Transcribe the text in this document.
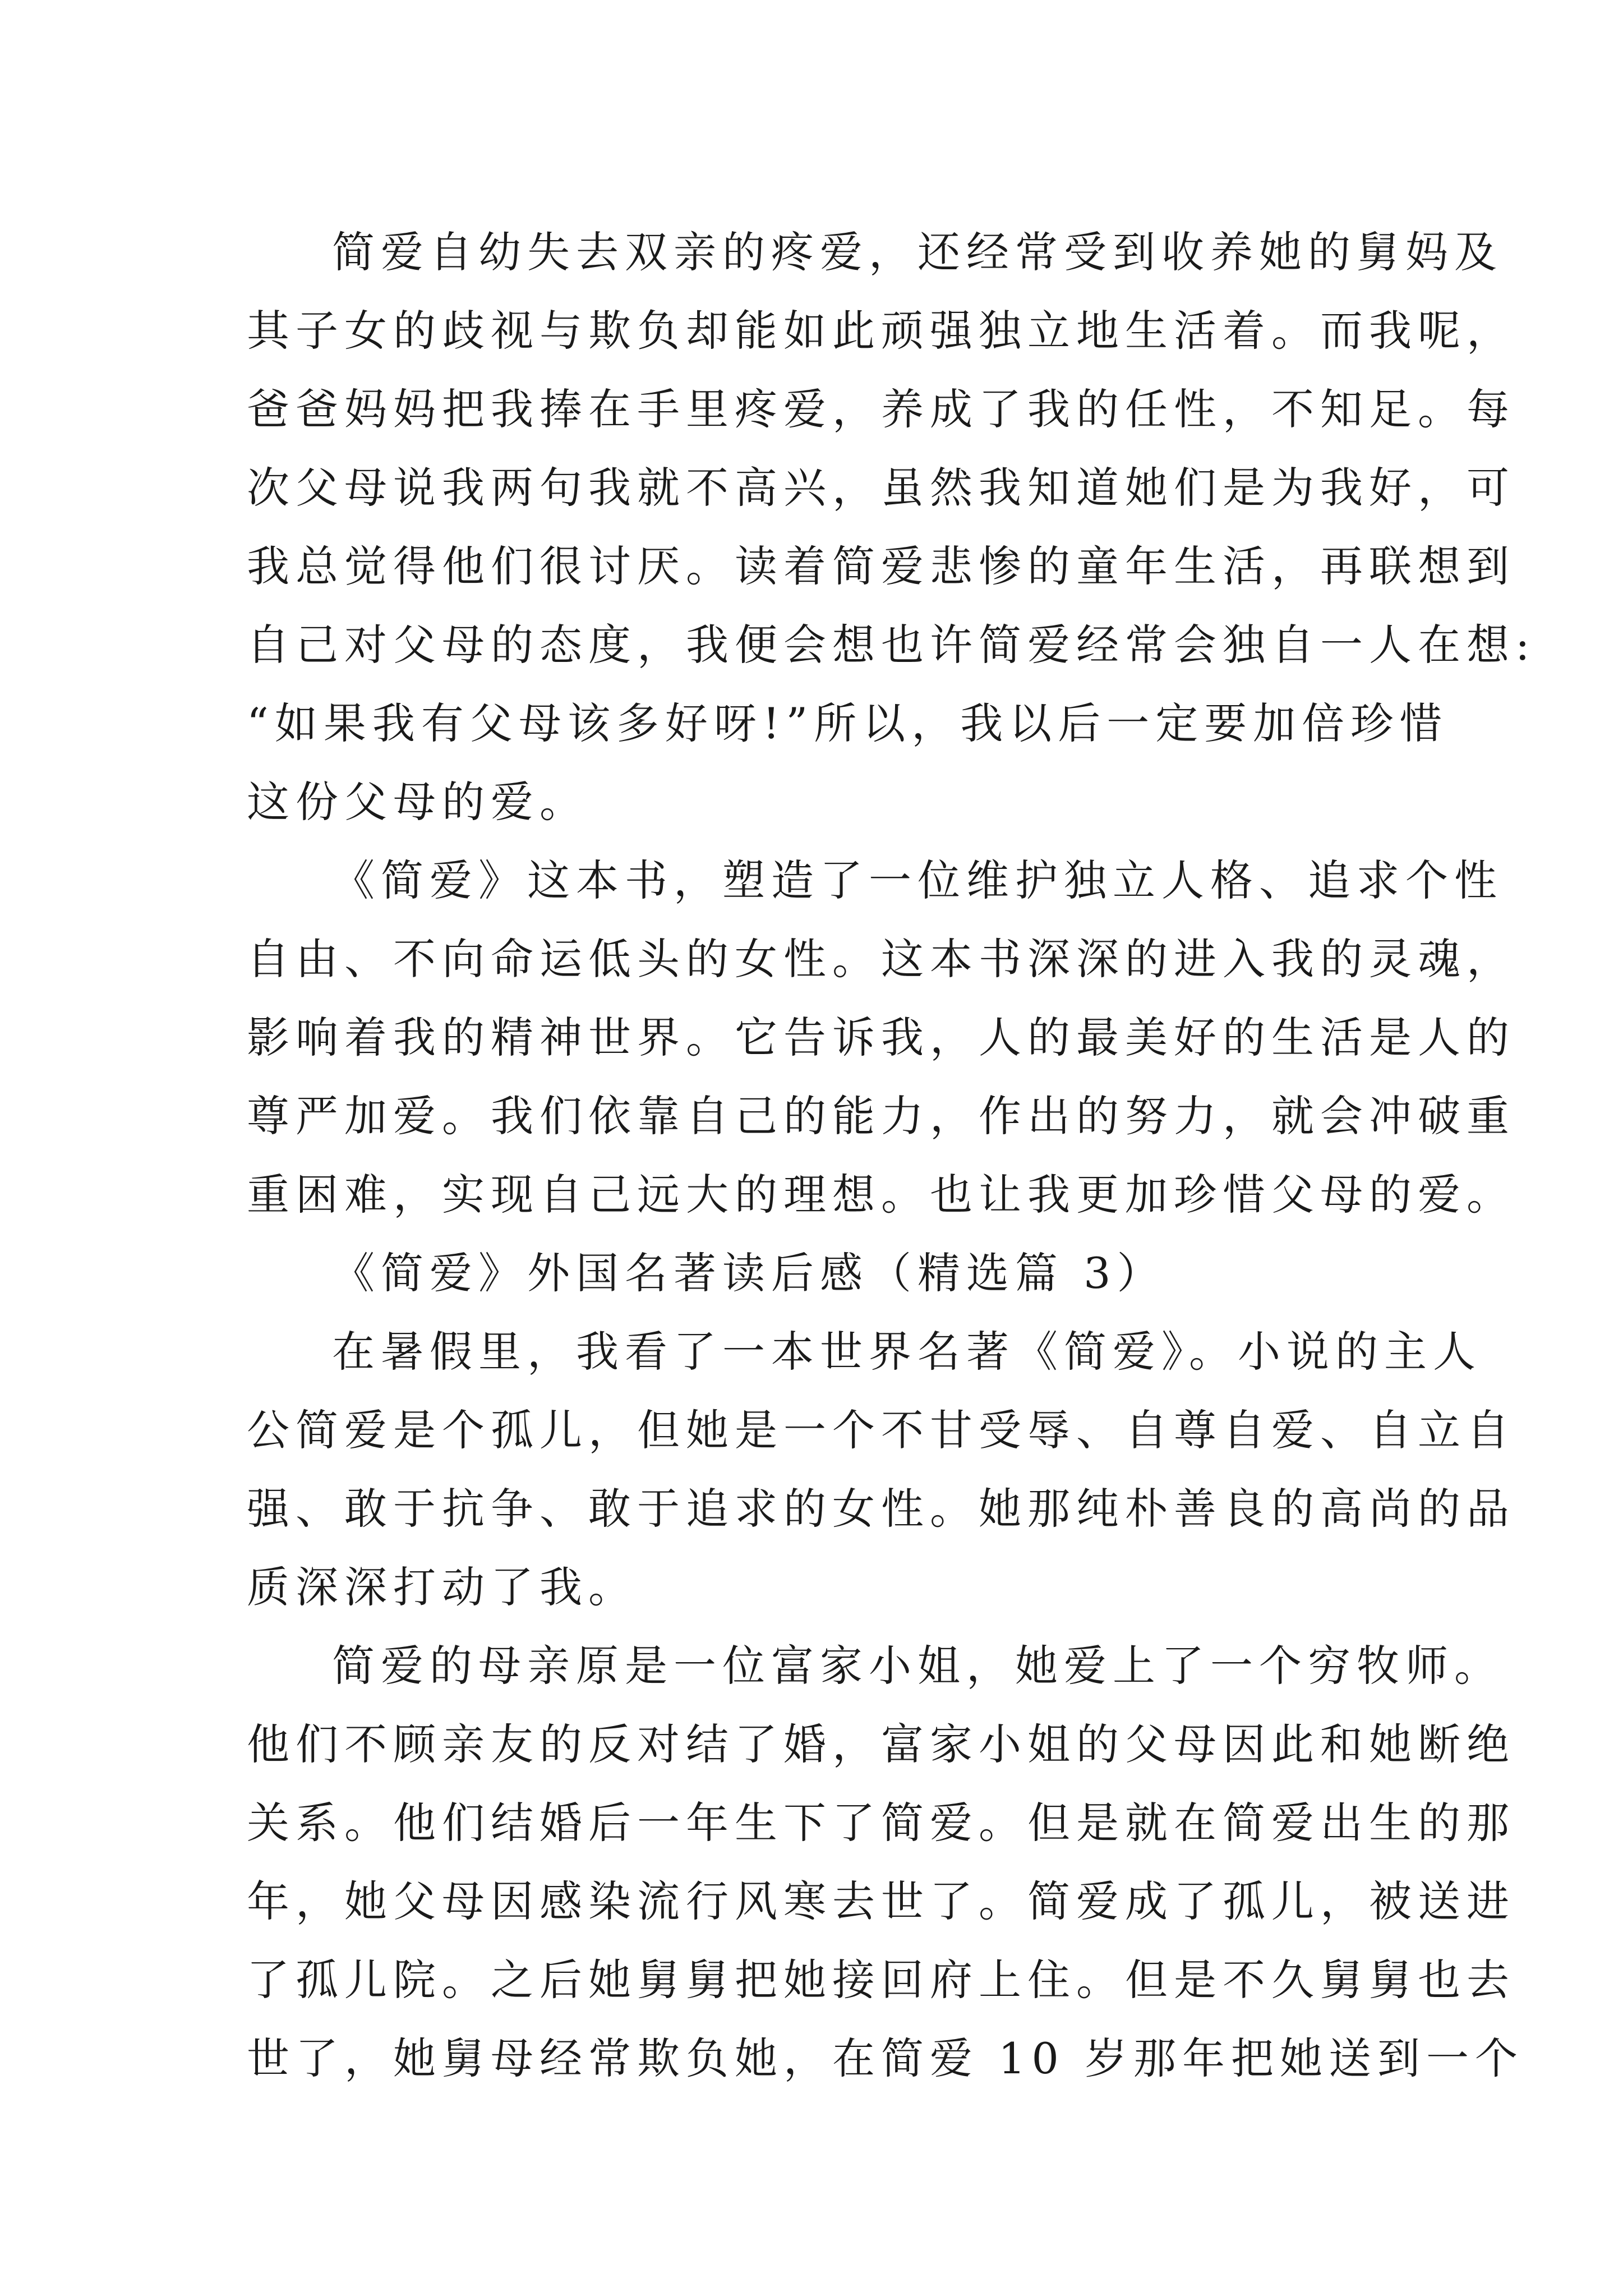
简爱自幼失去双亲的疼爱，还经常受到收养她的舅妈及
其子女的歧视与欺负却能如此顽强独立地生活着。而我呢，
爸爸妈妈把我捧在手里疼爱，养成了我的任性，不知足。每
次父母说我两句我就不高兴，虽然我知道她们是为我好，可
我总觉得他们很讨厌。读着简爱悲惨的童年生活，再联想到
自己对父母的态度，我便会想也许简爱经常会独自一人在想:
“如果我有父母该多好呀!”所以，我以后一定要加倍珍惜
这份父母的爱。
《简爱》这本书，塑造了一位维护独立人格、追求个性
自由、不向命运低头的女性。这本书深深的进入我的灵魂，
影响着我的精神世界。它告诉我，人的最美好的生活是人的
尊严加爱。我们依靠自己的能力，作出的努力，就会冲破重
重困难，实现自己远大的理想。也让我更加珍惜父母的爱。
《简爱》外国名著读后感（精选篇 3）
在暑假里，我看了一本世界名著《简爱》。小说的主人
公简爱是个孤儿，但她是一个不甘受辱、自尊自爱、自立自
强、敢于抗争、敢于追求的女性。她那纯朴善良的高尚的品
质深深打动了我。
简爱的母亲原是一位富家小姐，她爱上了一个穷牧师。
他们不顾亲友的反对结了婚，富家小姐的父母因此和她断绝
关系。他们结婚后一年生下了简爱。但是就在简爱出生的那
年，她父母因感染流行风寒去世了。简爱成了孤儿，被送进
了孤儿院。之后她舅舅把她接回府上住。但是不久舅舅也去
世了，她舅母经常欺负她，在简爱 10 岁那年把她送到一个
